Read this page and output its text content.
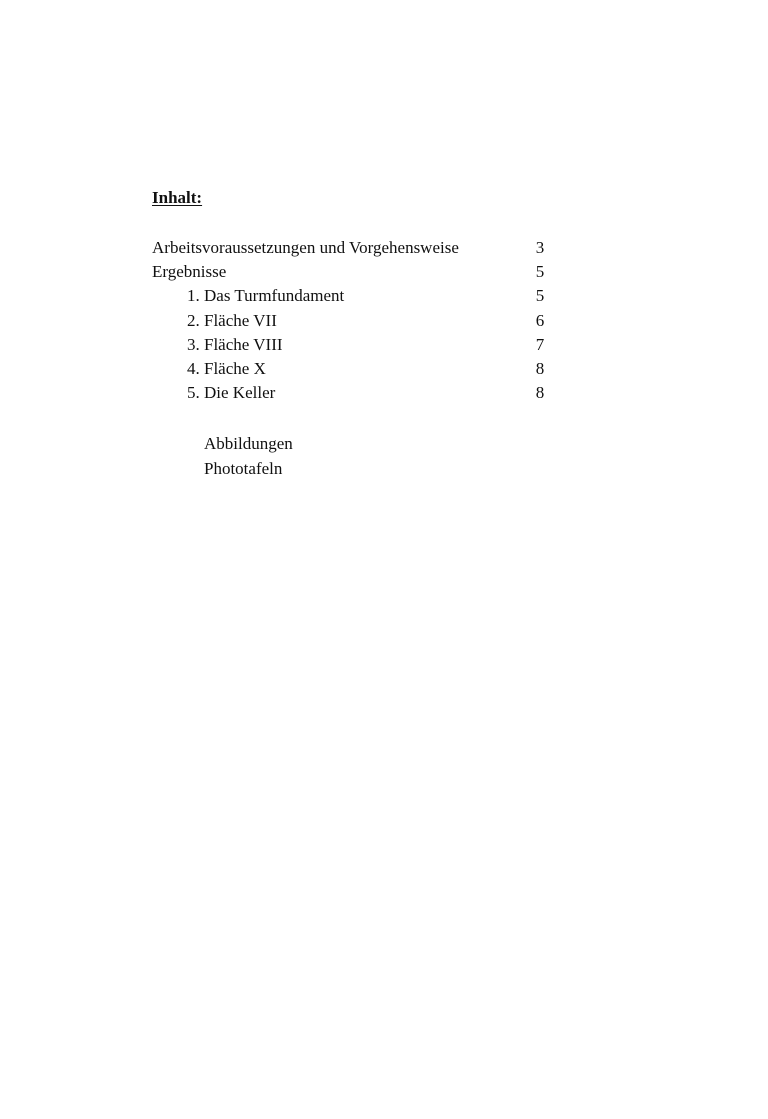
Inhalt:
Arbeitsvoraussetzungen und Vorgehensweise	3
Ergebnisse	5
1. Das Turmfundament	5
2. Fläche VII	6
3. Fläche VIII	7
4. Fläche X	8
5. Die Keller	8
Abbildungen
Phototafeln
